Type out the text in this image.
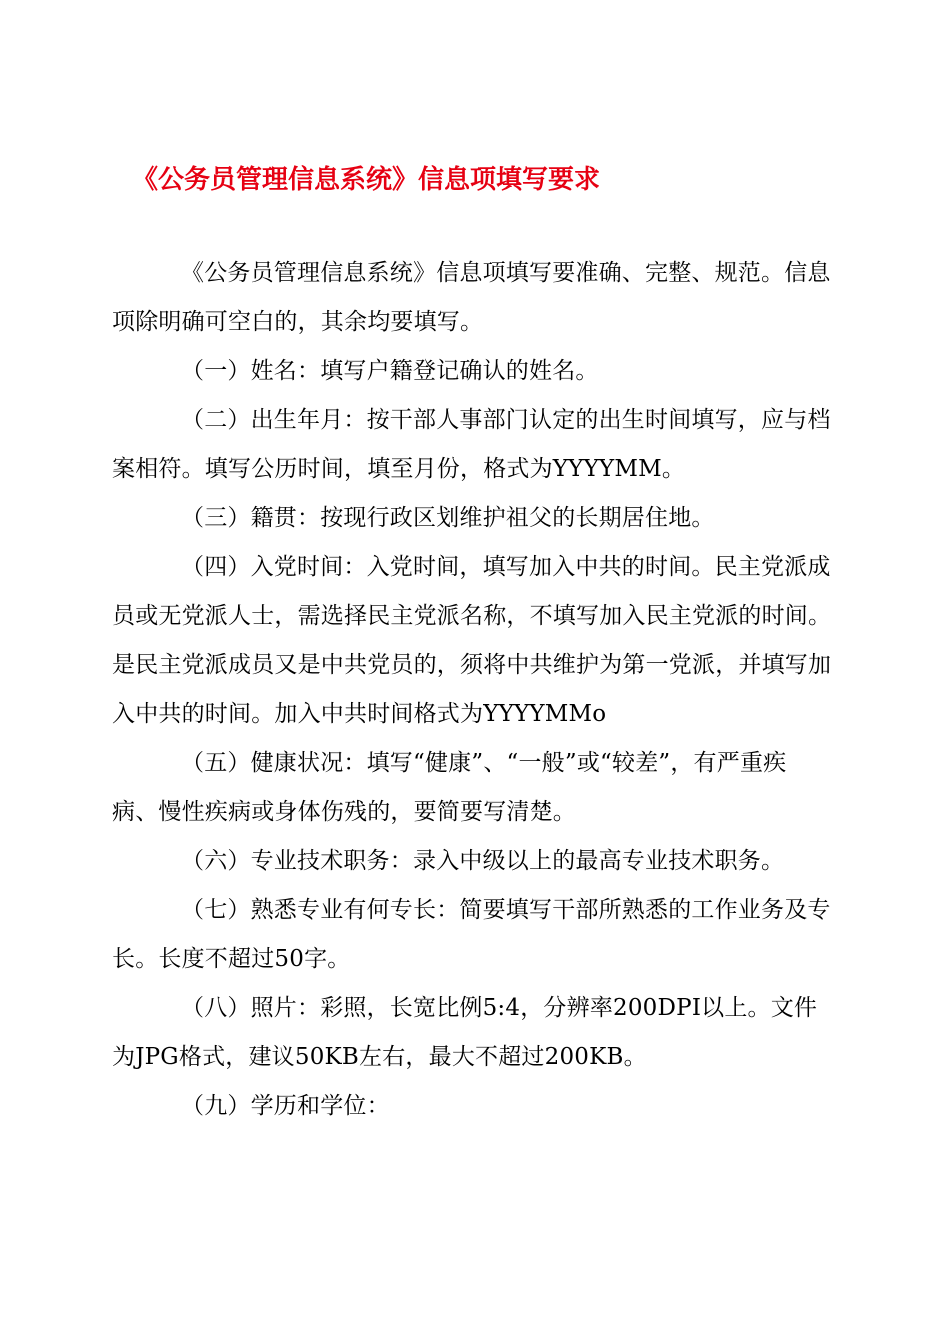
《公务员管理信息系统》信息项填写要求

《公务员管理信息系统》信息项填写要准确、完整、规范。信息项除明确可空白的，其余均要填写。

（一）姓名：填写户籍登记确认的姓名。

（二）出生年月：按干部人事部门认定的出生时间填写，应与档案相符。填写公历时间，填至月份，格式为YYYYMM。

（三）籍贯：按现行政区划维护祖父的长期居住地。

（四）入党时间：入党时间，填写加入中共的时间。民主党派成员或无党派人士，需选择民主党派名称，不填写加入民主党派的时间。是民主党派成员又是中共党员的，须将中共维护为第一党派，并填写加入中共的时间。加入中共时间格式为YYYYMMo

（五）健康状况：填写“健康”、“一般”或“较差”，有严重疾病、慢性疾病或身体伤残的，要简要写清楚。

（六）专业技术职务：录入中级以上的最高专业技术职务。

（七）熟悉专业有何专长：简要填写干部所熟悉的工作业务及专长。长度不超过50字。

（八）照片：彩照，长宽比例5:4，分辨率200DPI以上。文件为JPG格式，建议50KB左右，最大不超过200KB。

（九）学历和学位：
